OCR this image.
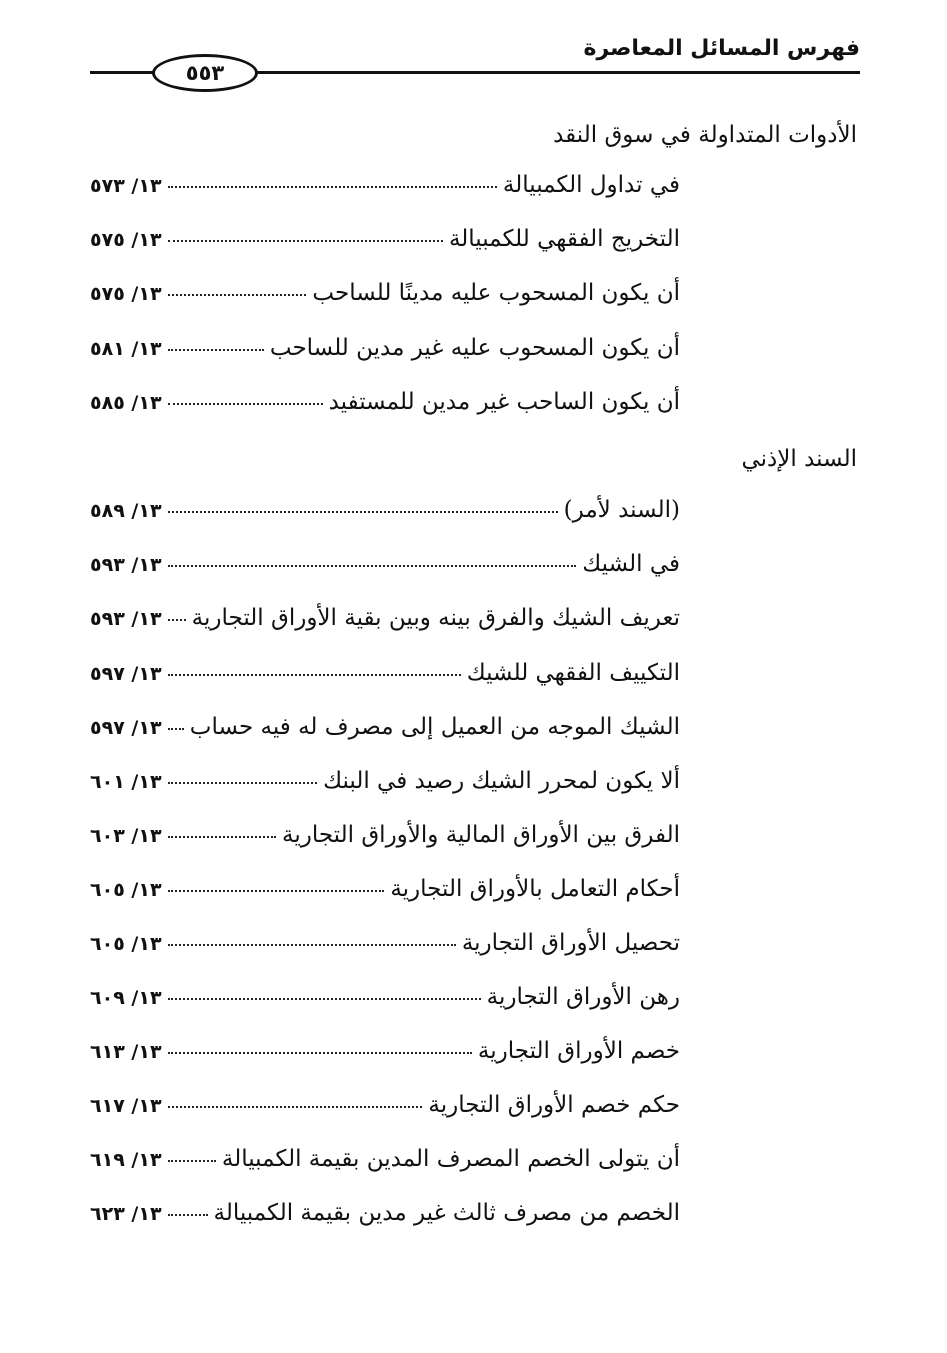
فهرس المسائل المعاصرة
٥٥٣
الأدوات المتداولة في سوق النقد
في تداول الكمبيالة
١٣/ ٥٧٣
التخريج الفقهي للكمبيالة
١٣/ ٥٧٥
أن يكون المسحوب عليه مدينًا للساحب
١٣/ ٥٧٥
أن يكون المسحوب عليه غير مدين للساحب
١٣/ ٥٨١
أن يكون الساحب غير مدين للمستفيد
١٣/ ٥٨٥
السند الإذني
(السند لأمر)
١٣/ ٥٨٩
في الشيك
١٣/ ٥٩٣
تعريف الشيك والفرق بينه وبين بقية الأوراق التجارية
١٣/ ٥٩٣
التكييف الفقهي للشيك
١٣/ ٥٩٧
الشيك الموجه من العميل إلى مصرف له فيه حساب
١٣/ ٥٩٧
ألا يكون لمحرر الشيك رصيد في البنك
١٣/ ٦٠١
الفرق بين الأوراق المالية والأوراق التجارية
١٣/ ٦٠٣
أحكام التعامل بالأوراق التجارية
١٣/ ٦٠٥
تحصيل الأوراق التجارية
١٣/ ٦٠٥
رهن الأوراق التجارية
١٣/ ٦٠٩
خصم الأوراق التجارية
١٣/ ٦١٣
حكم خصم الأوراق التجارية
١٣/ ٦١٧
أن يتولى الخصم المصرف المدين بقيمة الكمبيالة
١٣/ ٦١٩
الخصم من مصرف ثالث غير مدين بقيمة الكمبيالة
١٣/ ٦٢٣
